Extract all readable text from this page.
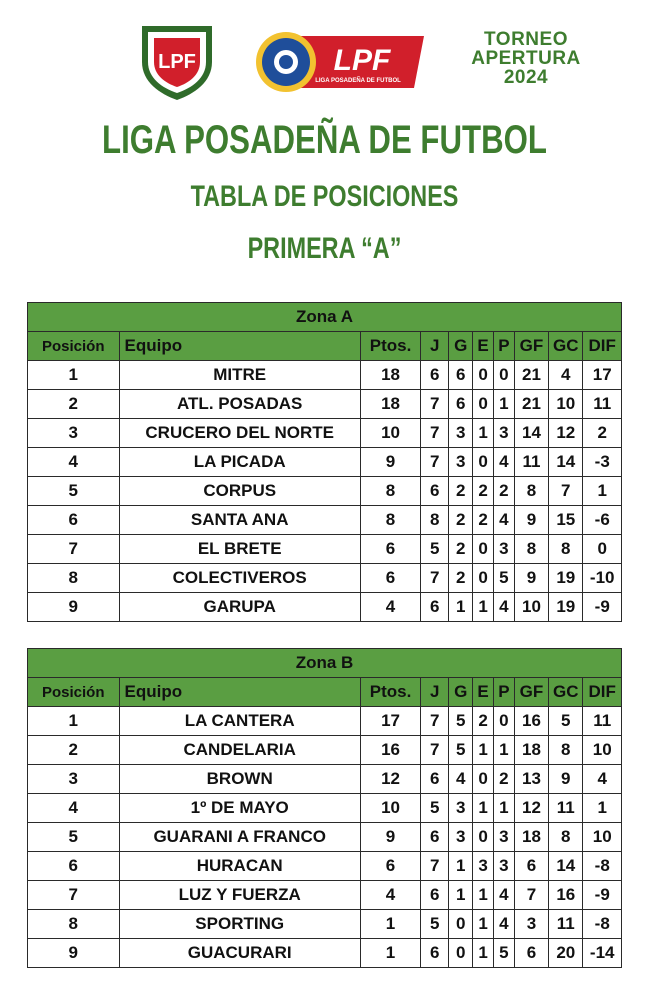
LPF	LPF
LIGA POSADEÑA DE FUTBOL
TORNEO
APERTURA
2024
LIGA POSADEÑA DE FUTBOL
TABLA DE POSICIONES
PRIMERA “A”
Zona A									
Posición	Equipo	Ptos.	J	G	E	P	GF	GC	DIF
1	MITRE	18	6	6	0	0	21	4	17
2	ATL. POSADAS	18	7	6	0	1	21	10	11
3	CRUCERO DEL NORTE	10	7	3	1	3	14	12	2
4	LA PICADA	9	7	3	0	4	11	14	-3
5	CORPUS	8	6	2	2	2	8	7	1
6	SANTA ANA	8	8	2	2	4	9	15	-6
7	EL BRETE	6	5	2	0	3	8	8	0
8	COLECTIVEROS	6	7	2	0	5	9	19	-10
9	GARUPA	4	6	1	1	4	10	19	-9
Zona B									
Posición	Equipo	Ptos.	J	G	E	P	GF	GC	DIF
1	LA CANTERA	17	7	5	2	0	16	5	11
2	CANDELARIA	16	7	5	1	1	18	8	10
3	BROWN	12	6	4	0	2	13	9	4
4	1º DE MAYO	10	5	3	1	1	12	11	1
5	GUARANI A FRANCO	9	6	3	0	3	18	8	10
6	HURACAN	6	7	1	3	3	6	14	-8
7	LUZ Y FUERZA	4	6	1	1	4	7	16	-9
8	SPORTING	1	5	0	1	4	3	11	-8
9	GUACURARI	1	6	0	1	5	6	20	-14
